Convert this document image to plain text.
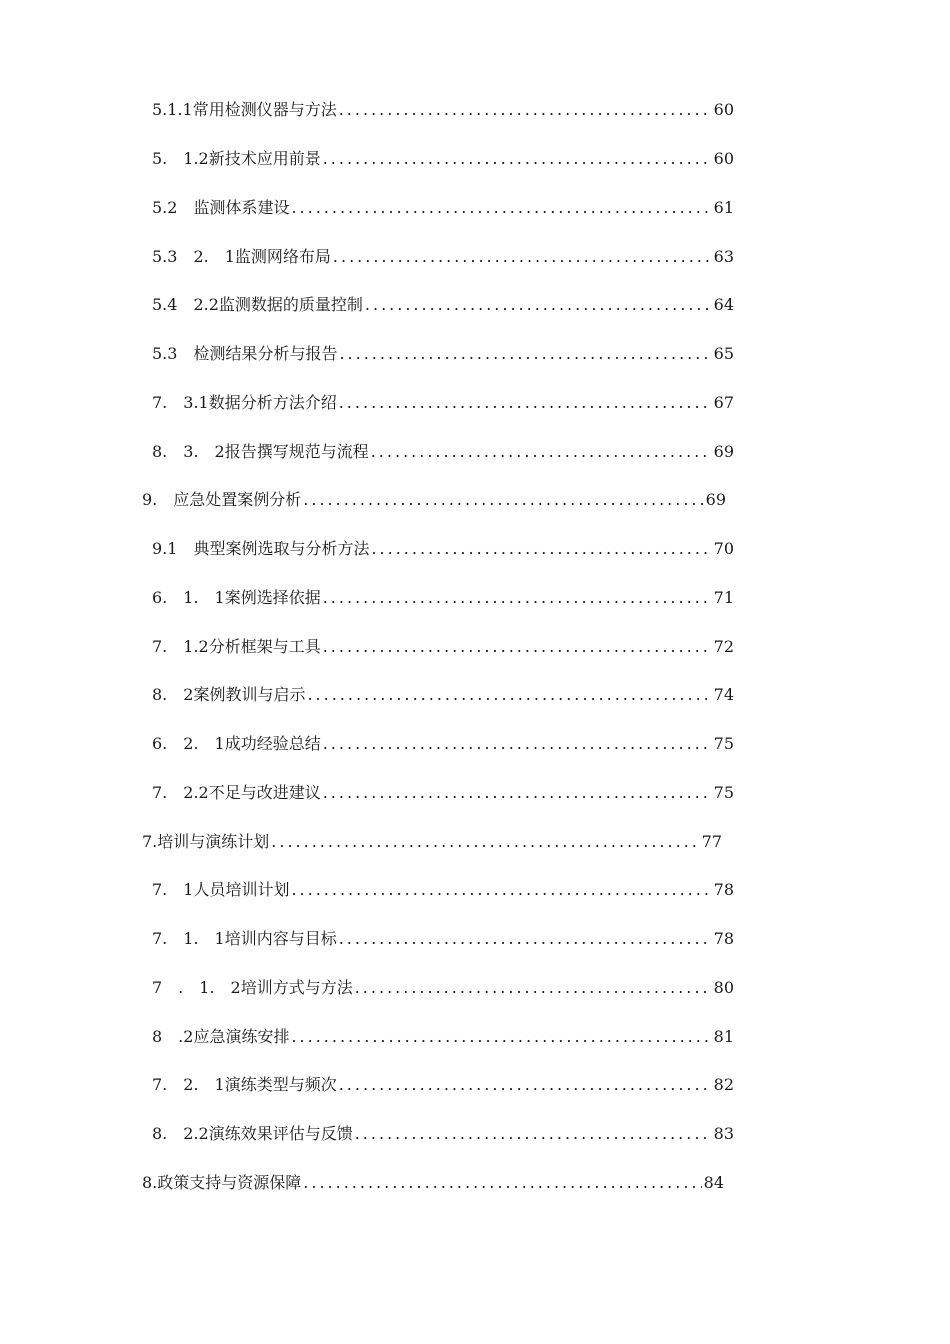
5.1.1常用检测仪器与方法 .....	60
5.　1.2新技术应用前景 .....	60
5.2　监测体系建设 .....	61
5.3　2.　1监测网络布局 .....	63
5.4　2.2监测数据的质量控制 .....	64
5.3　检测结果分析与报告 .....	65
7.　3.1数据分析方法介绍 .....	67
8.　3.　2报告撰写规范与流程 .....	69
9.　应急处置案例分析 .....	69
9.1　典型案例选取与分析方法 .....	70
6.　1.　1案例选择依据 .....	71
7.　1.2分析框架与工具 .....	72
8.　2案例教训与启示 .....	74
6.　2.　1成功经验总结 .....	75
7.　2.2不足与改进建议 .....	75
7.培训与演练计划 .....	77
7.　1人员培训计划 .....	78
7.　1.　1培训内容与目标 .....	78
7　.　1.　2培训方式与方法 .....	80
8　.2应急演练安排 .....	81
7.　2.　1演练类型与频次 .....	82
8.　2.2演练效果评估与反馈 .....	83
8.政策支持与资源保障 .....	84
